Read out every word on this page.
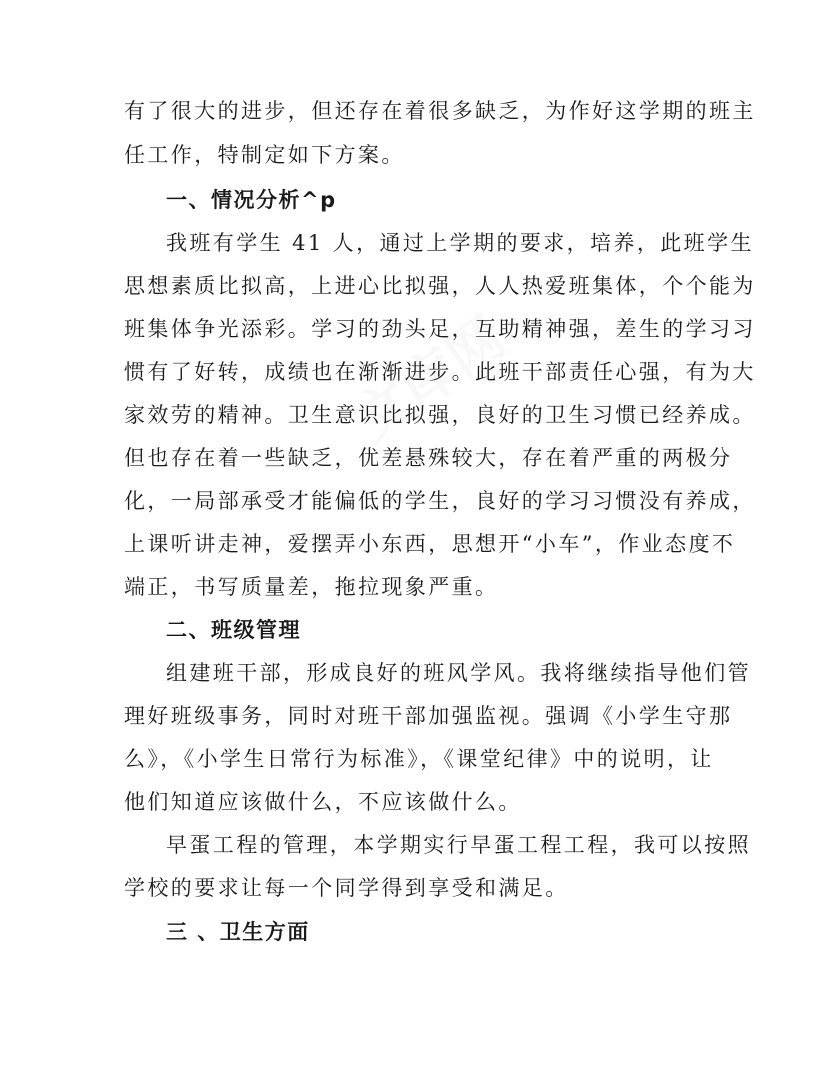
文库网
有了很大的进步，但还存在着很多缺乏，为作好这学期的班主
任工作，特制定如下方案。
一、情况分析^p
我班有学生 41 人，通过上学期的要求，培养，此班学生
思想素质比拟高，上进心比拟强，人人热爱班集体，个个能为
班集体争光添彩。学习的劲头足，互助精神强，差生的学习习
惯有了好转，成绩也在渐渐进步。此班干部责任心强，有为大
家效劳的精神。卫生意识比拟强，良好的卫生习惯已经养成。
但也存在着一些缺乏，优差悬殊较大，存在着严重的两极分
化，一局部承受才能偏低的学生，良好的学习习惯没有养成，
上课听讲走神，爱摆弄小东西，思想开“小车”，作业态度不
端正，书写质量差，拖拉现象严重。
二、班级管理
组建班干部，形成良好的班风学风。我将继续指导他们管
理好班级事务，同时对班干部加强监视。强调《小学生守那
么》，《小学生日常行为标准》，《课堂纪律》中的说明，让
他们知道应该做什么，不应该做什么。
早蛋工程的管理，本学期实行早蛋工程工程，我可以按照
学校的要求让每一个同学得到享受和满足。
三 、卫生方面
